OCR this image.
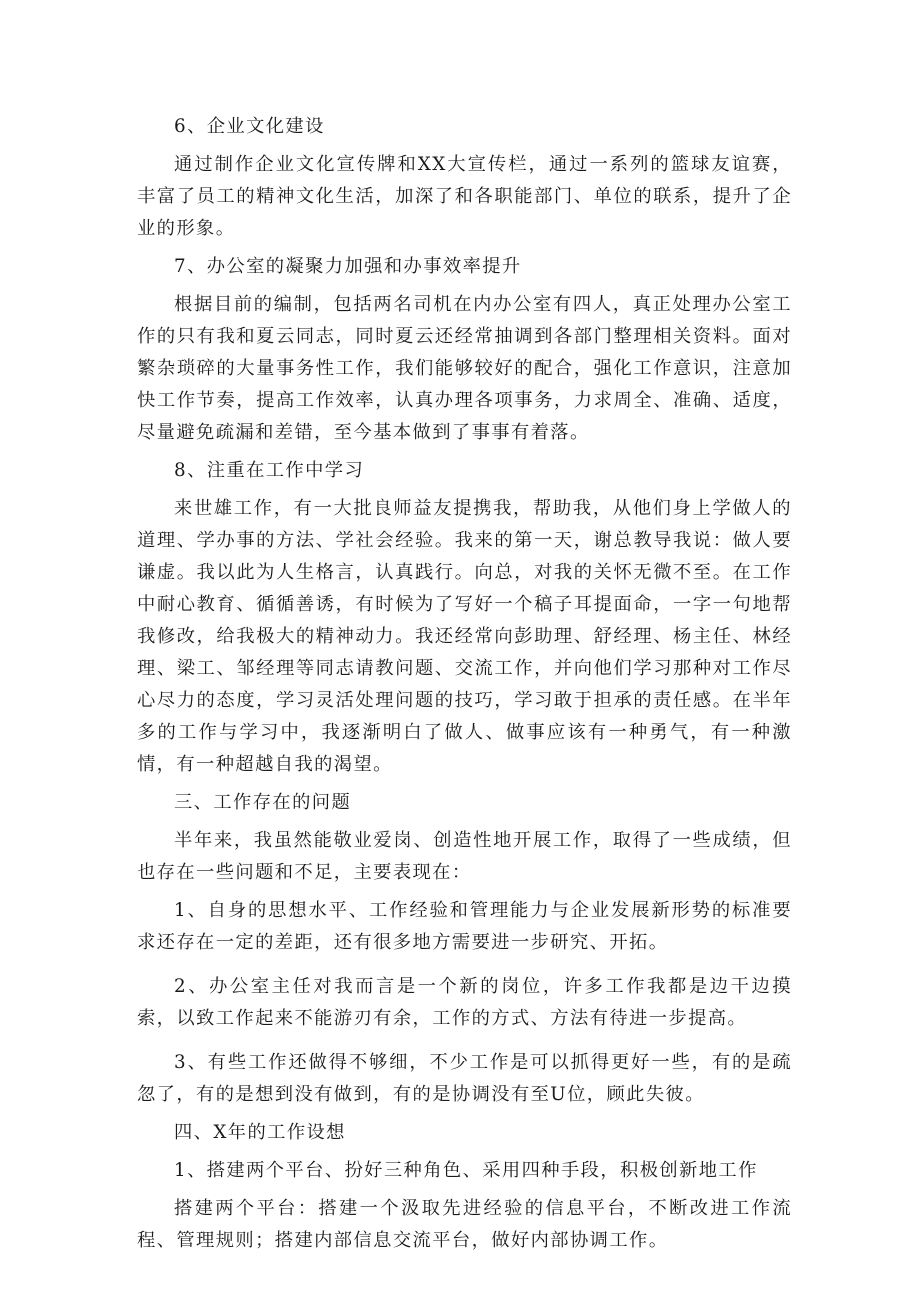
6、企业文化建设

通过制作企业文化宣传牌和XX大宣传栏，通过一系列的篮球友谊赛，丰富了员工的精神文化生活，加深了和各职能部门、单位的联系，提升了企业的形象。

7、办公室的凝聚力加强和办事效率提升

根据目前的编制，包括两名司机在内办公室有四人，真正处理办公室工作的只有我和夏云同志，同时夏云还经常抽调到各部门整理相关资料。面对繁杂琐碎的大量事务性工作，我们能够较好的配合，强化工作意识，注意加快工作节奏，提高工作效率，认真办理各项事务，力求周全、准确、适度，尽量避免疏漏和差错，至今基本做到了事事有着落。

8、注重在工作中学习

来世雄工作，有一大批良师益友提携我，帮助我，从他们身上学做人的道理、学办事的方法、学社会经验。我来的第一天，谢总教导我说：做人要谦虚。我以此为人生格言，认真践行。向总，对我的关怀无微不至。在工作中耐心教育、循循善诱，有时候为了写好一个稿子耳提面命，一字一句地帮我修改，给我极大的精神动力。我还经常向彭助理、舒经理、杨主任、林经理、梁工、邹经理等同志请教问题、交流工作，并向他们学习那种对工作尽心尽力的态度，学习灵活处理问题的技巧，学习敢于担承的责任感。在半年多的工作与学习中，我逐渐明白了做人、做事应该有一种勇气，有一种激情，有一种超越自我的渴望。

三、工作存在的问题

半年来，我虽然能敬业爱岗、创造性地开展工作，取得了一些成绩，但也存在一些问题和不足，主要表现在：

1、自身的思想水平、工作经验和管理能力与企业发展新形势的标准要求还存在一定的差距，还有很多地方需要进一步研究、开拓。

2、办公室主任对我而言是一个新的岗位，许多工作我都是边干边摸索，以致工作起来不能游刃有余，工作的方式、方法有待进一步提高。

3、有些工作还做得不够细，不少工作是可以抓得更好一些，有的是疏忽了，有的是想到没有做到，有的是协调没有至U位，顾此失彼。

四、X年的工作设想

1、搭建两个平台、扮好三种角色、采用四种手段，积极创新地工作

搭建两个平台：搭建一个汲取先进经验的信息平台，不断改进工作流程、管理规则；搭建内部信息交流平台，做好内部协调工作。
